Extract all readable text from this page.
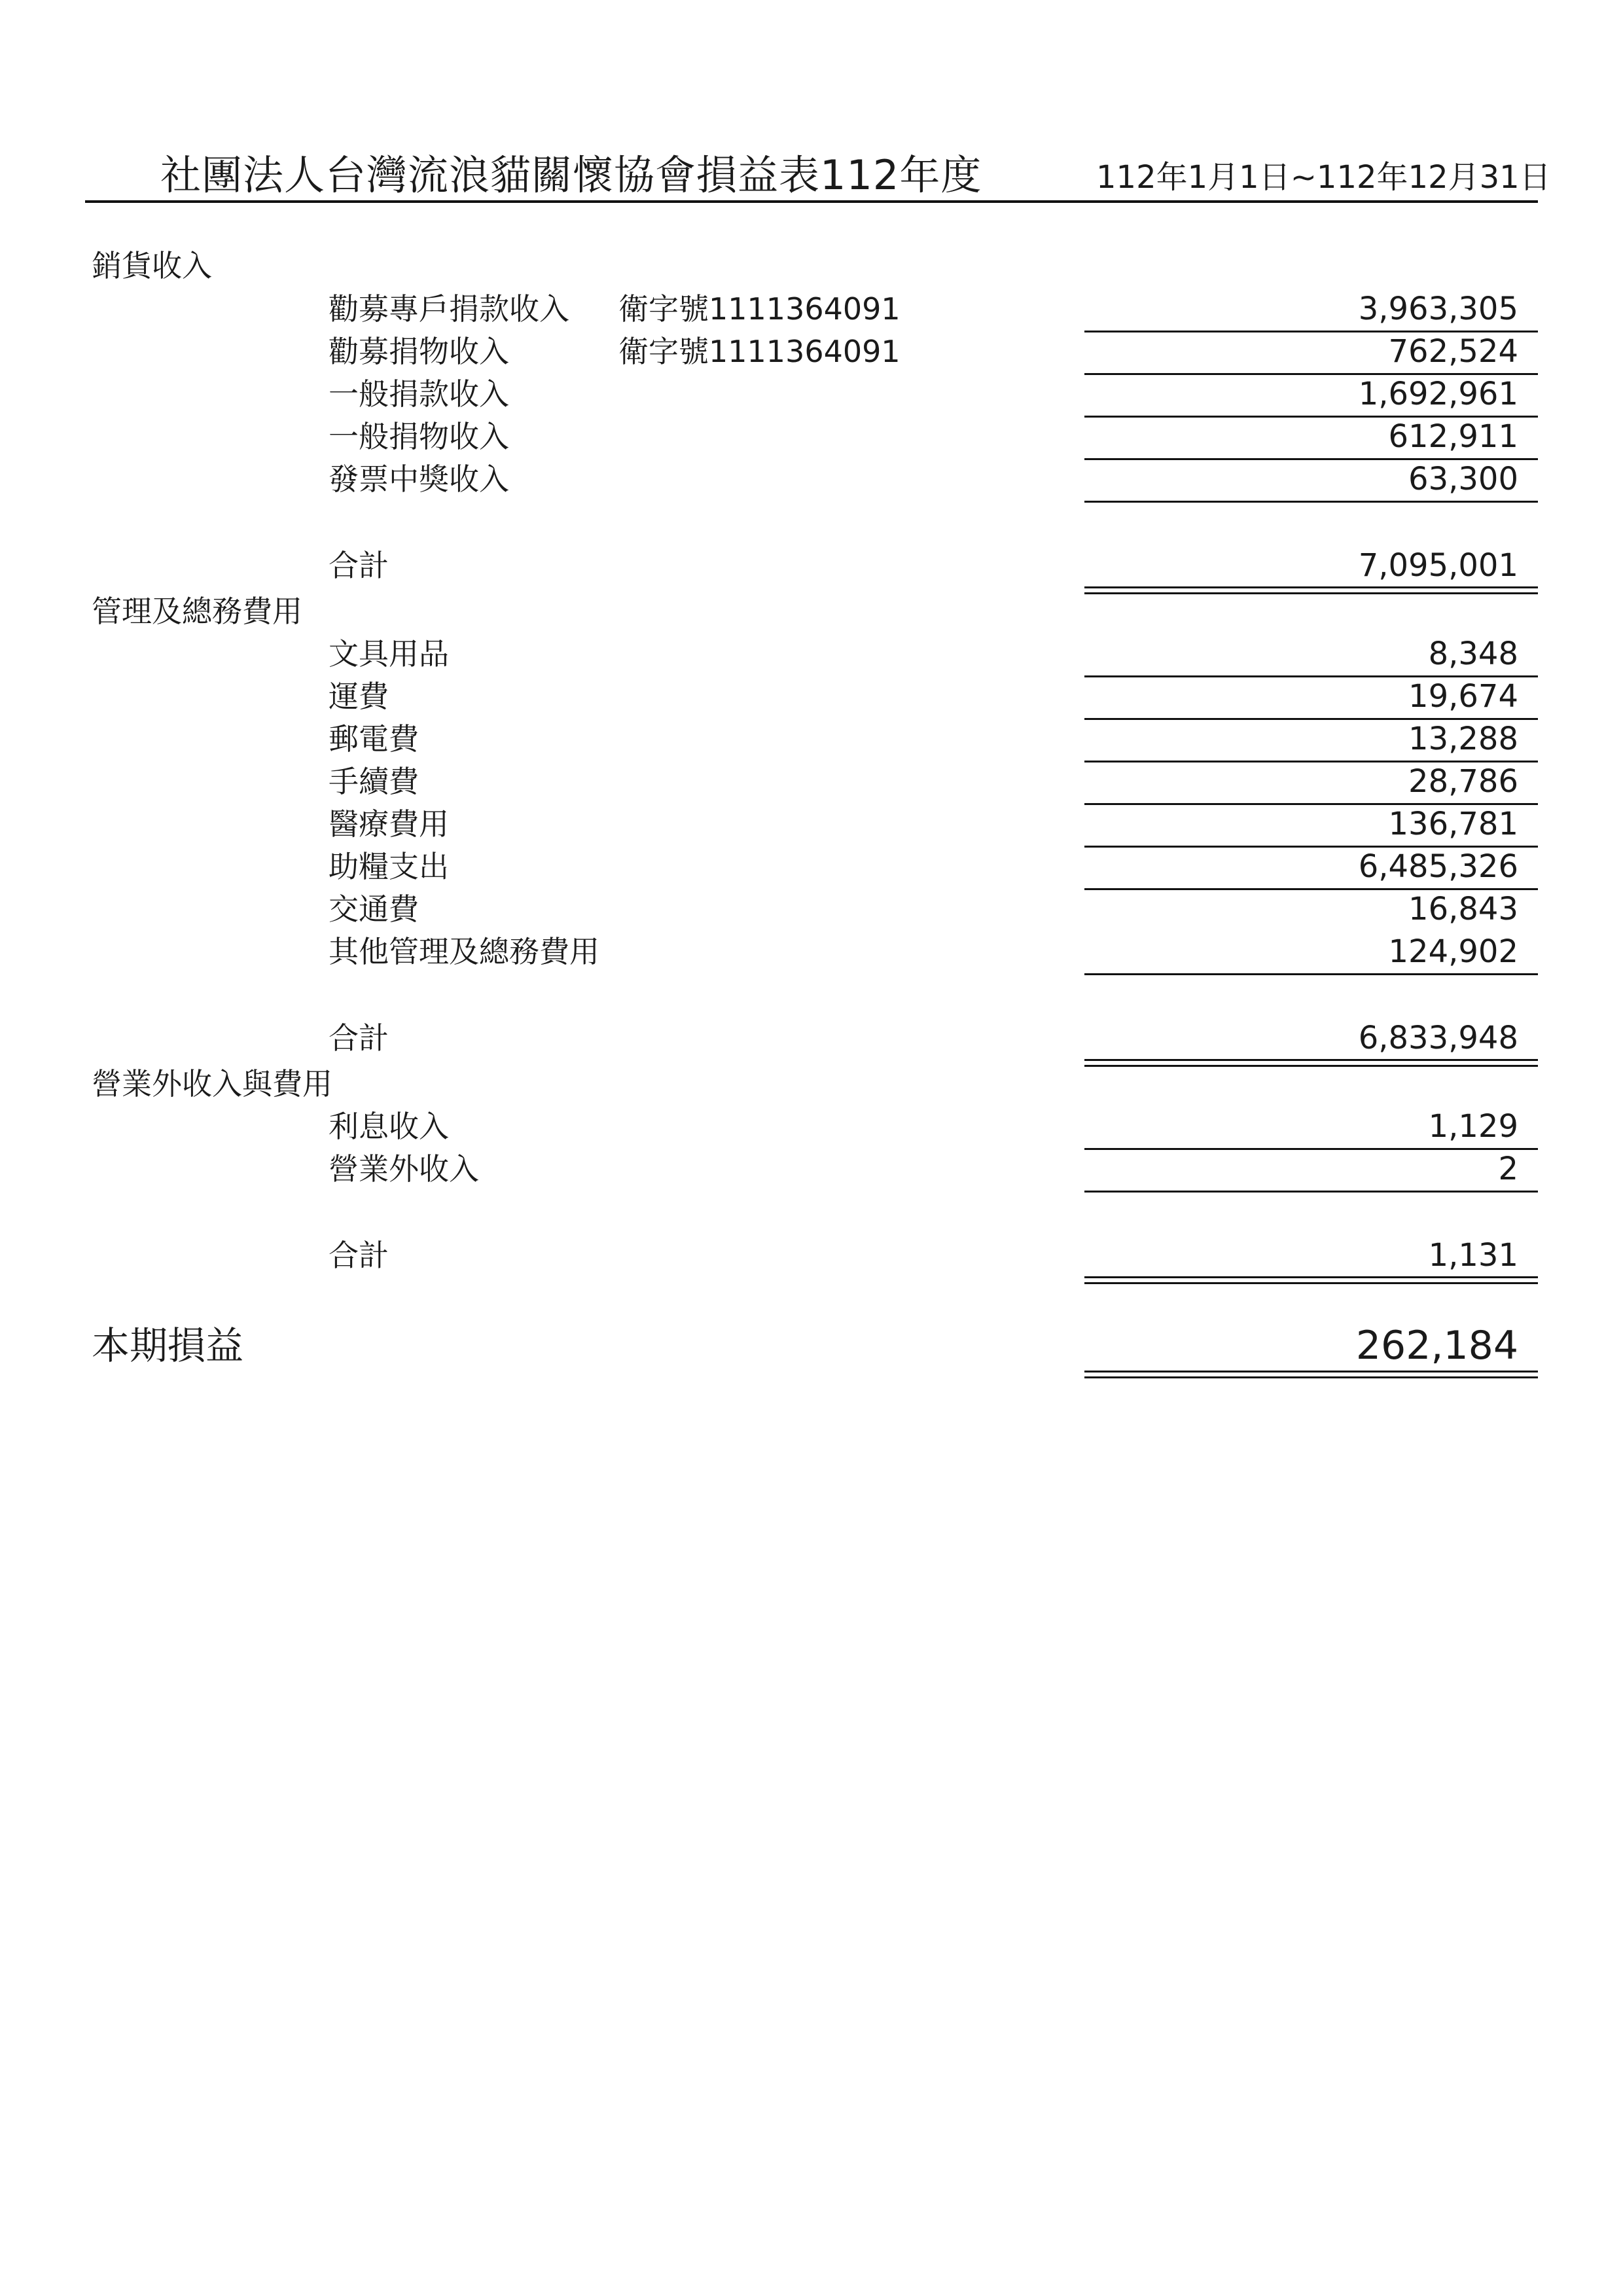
社團法人台灣流浪貓關懷協會損益表112年度	112年1月1日~112年12月31日
銷貨收入
勸募專戶捐款收入 衛字號1111364091	3,963,305
勸募捐物收入	衛字號1111364091	762,524
一般捐款收入	1,692,961
一般捐物收入	612,911
發票中獎收入	63,300
合計	7,095,001
管理及總務費用
文具用品	8,348
運費	19,674
郵電費	13,288
手續費	28,786
醫療費用	136,781
助糧支出	6,485,326
交通費	16,843
其他管理及總務費用	124,902
合計	6,833,948
營業外收入與費用
利息收入	1,129
營業外收入	2
合計	1,131
本期損益	262,184
